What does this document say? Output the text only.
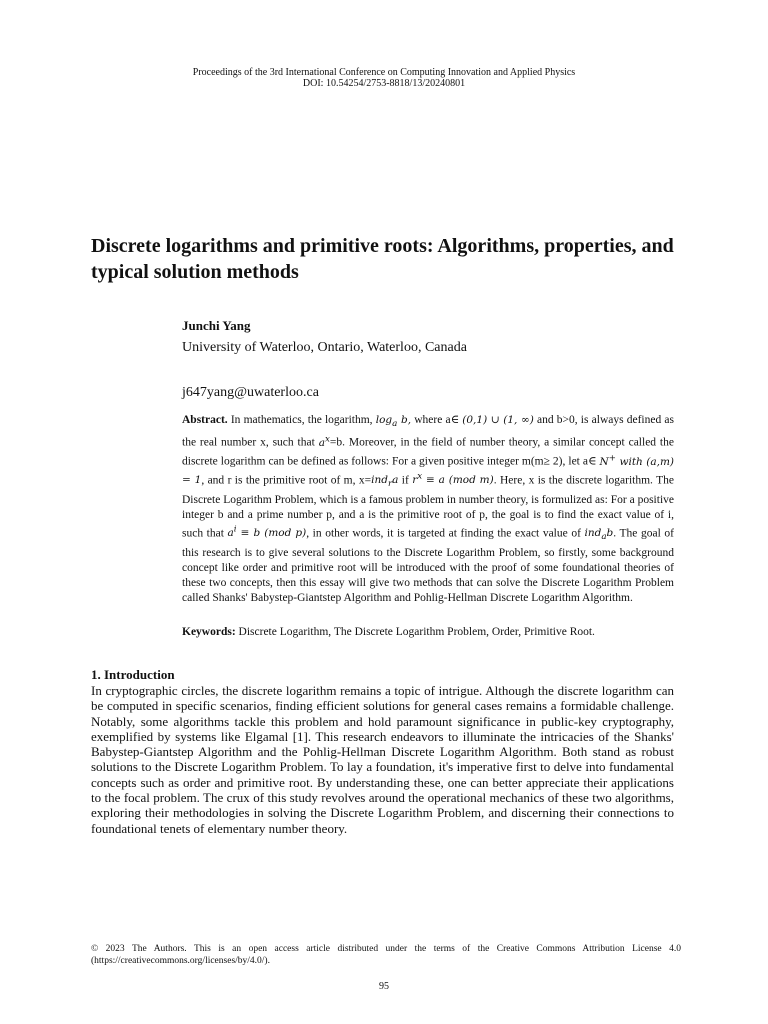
Proceedings of the 3rd International Conference on Computing Innovation and Applied Physics
DOI: 10.54254/2753-8818/13/20240801
Discrete logarithms and primitive roots: Algorithms, properties, and typical solution methods
Junchi Yang
University of Waterloo, Ontario, Waterloo, Canada
j647yang@uwaterloo.ca
Abstract. In mathematics, the logarithm, $\log_a b$, where a∈ (0,1) ∪ (1, ∞) and b>0, is always defined as the real number x, such that $a^x=b$. Moreover, in the field of number theory, a similar concept called the discrete logarithm can be defined as follows: For a given positive integer m(m≥ 2), let a∈ N+ with (a,m) = 1, and r is the primitive root of m, x=ind$_r$a if $r^x \equiv a$ (mod m). Here, x is the discrete logarithm. The Discrete Logarithm Problem, which is a famous problem in number theory, is formulized as: For a positive integer b and a prime number p, and a is the primitive root of p, the goal is to find the exact value of i, such that $a^i \equiv b$ (mod p), in other words, it is targeted at finding the exact value of ind$_a$b. The goal of this research is to give several solutions to the Discrete Logarithm Problem, so firstly, some background concept like order and primitive root will be introduced with the proof of some foundational theories of these two concepts, then this essay will give two methods that can solve the Discrete Logarithm Problem called Shanks' Babystep-Giantstep Algorithm and Pohlig-Hellman Discrete Logarithm Algorithm.
Keywords: Discrete Logarithm, The Discrete Logarithm Problem, Order, Primitive Root.
1. Introduction
In cryptographic circles, the discrete logarithm remains a topic of intrigue. Although the discrete logarithm can be computed in specific scenarios, finding efficient solutions for general cases remains a formidable challenge. Notably, some algorithms tackle this problem and hold paramount significance in public-key cryptography, exemplified by systems like Elgamal [1]. This research endeavors to illuminate the intricacies of the Shanks' Babystep-Giantstep Algorithm and the Pohlig-Hellman Discrete Logarithm Algorithm. Both stand as robust solutions to the Discrete Logarithm Problem. To lay a foundation, it's imperative first to delve into fundamental concepts such as order and primitive root. By understanding these, one can better appreciate their applications to the focal problem. The crux of this study revolves around the operational mechanics of these two algorithms, exploring their methodologies in solving the Discrete Logarithm Problem, and discerning their connections to foundational tenets of elementary number theory.
© 2023 The Authors. This is an open access article distributed under the terms of the Creative Commons Attribution License 4.0 (https://creativecommons.org/licenses/by/4.0/).
95
